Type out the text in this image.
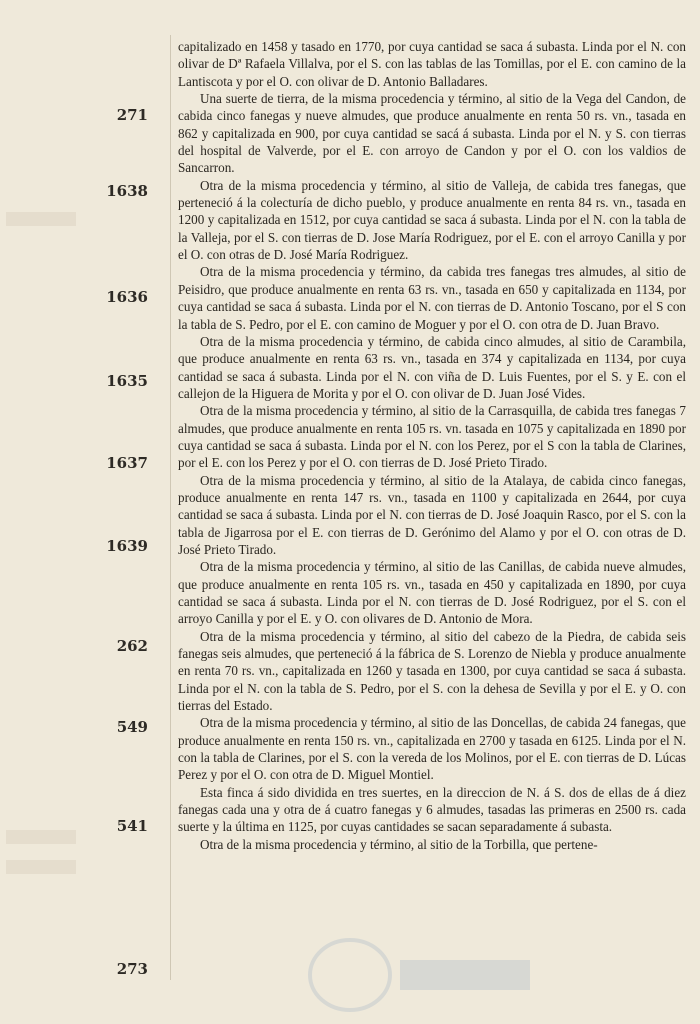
271
1638
1636
1635
1637
1639
262
549
541
273

capitalizado en 1458 y tasado en 1770, por cuya cantidad se saca á subasta. Linda por el N. con olivar de Dª Rafaela Villalva, por el S. con las tablas de las Tomillas, por el E. con camino de la Lantiscota y por el O. con olivar de D. Antonio Balladares.

Una suerte de tierra, de la misma procedencia y término, al sitio de la Vega del Candon, de cabida cinco fanegas y nueve almudes, que produce anualmente en renta 50 rs. vn., tasada en 862 y capitalizada en 900, por cuya cantidad se sacá á subasta. Linda por el N. y S. con tierras del hospital de Valverde, por el E. con arroyo de Candon y por el O. con los valdios de Sancarron.

Otra de la misma procedencia y término, al sitio de Valleja, de cabida tres fanegas, que perteneció á la colecturía de dicho pueblo, y produce anualmente en renta 84 rs. vn., tasada en 1200 y capitalizada en 1512, por cuya cantidad se saca á subasta. Linda por el N. con la tabla de la Valleja, por el S. con tierras de D. Jose María Rodriguez, por el E. con el arroyo Canilla y por el O. con otras de D. José María Rodriguez.

Otra de la misma procedencia y término, da cabida tres fanegas tres almudes, al sitio de Peisidro, que produce anualmente en renta 63 rs. vn., tasada en 650 y capitalizada en 1134, por cuya cantidad se saca á subasta. Linda por el N. con tierras de D. Antonio Toscano, por el S con la tabla de S. Pedro, por el E. con camino de Moguer y por el O. con otra de D. Juan Bravo.

Otra de la misma procedencia y término, de cabida cinco almudes, al sitio de Carambila, que produce anualmente en renta 63 rs. vn., tasada en 374 y capitalizada en 1134, por cuya cantidad se saca á subasta. Linda por el N. con viña de D. Luis Fuentes, por el S. y E. con el callejon de la Higuera de Morita y por el O. con olivar de D. Juan José Vides.

Otra de la misma procedencia y término, al sitio de la Carrasquilla, de cabida tres fanegas 7 almudes, que produce anualmente en renta 105 rs. vn. tasada en 1075 y capitalizada en 1890 por cuya cantidad se saca á subasta. Linda por el N. con los Perez, por el S con la tabla de Clarines, por el E. con los Perez y por el O. con tierras de D. José Prieto Tirado.

Otra de la misma procedencia y término, al sitio de la Atalaya, de cabida cinco fanegas, produce anualmente en renta 147 rs. vn., tasada en 1100 y capitalizada en 2644, por cuya cantidad se saca á subasta. Linda por el N. con tierras de D. José Joaquin Rasco, por el S. con la tabla de Jigarrosa por el E. con tierras de D. Gerónimo del Alamo y por el O. con otras de D. José Prieto Tirado.

Otra de la misma procedencia y término, al sitio de las Canillas, de cabida nueve almudes, que produce anualmente en renta 105 rs. vn., tasada en 450 y capitalizada en 1890, por cuya cantidad se saca á subasta. Linda por el N. con tierras de D. José Rodriguez, por el S. con el arroyo Canilla y por el E. y O. con olivares de D. Antonio de Mora.

Otra de la misma procedencia y término, al sitio del cabezo de la Piedra, de cabida seis fanegas seis almudes, que perteneció á la fábrica de S. Lorenzo de Niebla y produce anualmente en renta 70 rs. vn., capitalizada en 1260 y tasada en 1300, por cuya cantidad se saca á subasta. Linda por el N. con la tabla de S. Pedro, por el S. con la dehesa de Sevilla y por el E. y O. con tierras del Estado.

Otra de la misma procedencia y término, al sitio de las Doncellas, de cabida 24 fanegas, que produce anualmente en renta 150 rs. vn., capitalizada en 2700 y tasada en 6125. Linda por el N. con la tabla de Clarines, por el S. con la vereda de los Molinos, por el E. con tierras de D. Lúcas Perez y por el O. con otra de D. Miguel Montiel.

Esta finca á sido dividida en tres suertes, en la direccion de N. á S. dos de ellas de á diez fanegas cada una y otra de á cuatro fanegas y 6 almudes, tasadas las primeras en 2500 rs. cada suerte y la última en 1125, por cuyas cantidades se sacan separadamente á subasta.

Otra de la misma procedencia y término, al sitio de la Torbilla, que pertene-
